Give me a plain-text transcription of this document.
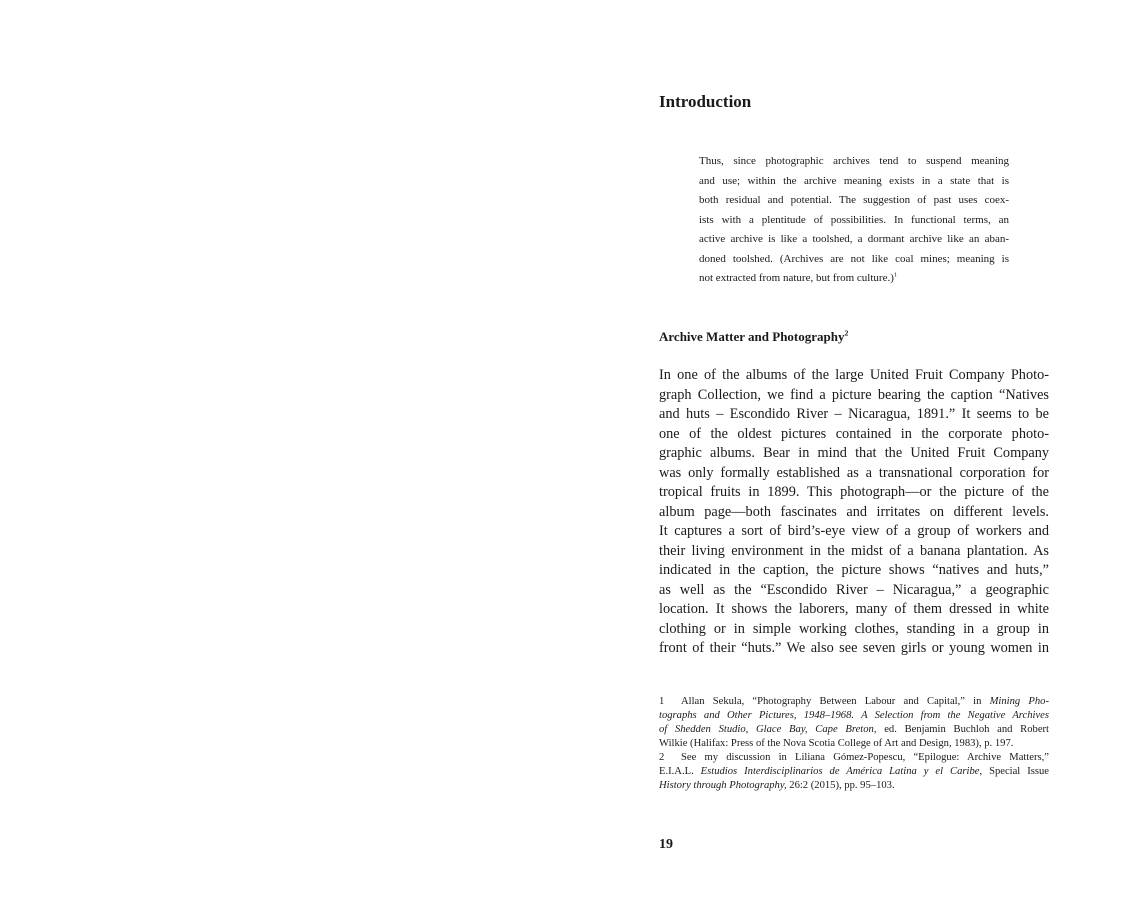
Introduction
Thus, since photographic archives tend to suspend meaning
and use; within the archive meaning exists in a state that is
both residual and potential. The suggestion of past uses coex-
ists with a plentitude of possibilities. In functional terms, an
active archive is like a toolshed, a dormant archive like an aban-
doned toolshed. (Archives are not like coal mines; meaning is
not extracted from nature, but from culture.)$^1$
Archive Matter and Photography$^2$
In one of the albums of the large United Fruit Company Photo-
graph Collection, we find a picture bearing the caption “Natives
and huts – Escondido River – Nicaragua, 1891.” It seems to be
one of the oldest pictures contained in the corporate photo-
graphic albums. Bear in mind that the United Fruit Company
was only formally established as a transnational corporation for
tropical fruits in 1899. This photograph—or the picture of the
album page—both fascinates and irritates on different levels.
It captures a sort of bird’s-eye view of a group of workers and
their living environment in the midst of a banana plantation. As
indicated in the caption, the picture shows “natives and huts,”
as well as the “Escondido River – Nicaragua,” a geographic
location. It shows the laborers, many of them dressed in white
clothing or in simple working clothes, standing in a group in
front of their “huts.” We also see seven girls or young women in
1 Allan Sekula, “Photography Between Labour and Capital,” in Mining Pho-
tographs and Other Pictures, 1948–1968. A Selection from the Negative Archives
of Shedden Studio, Glace Bay, Cape Breton, ed. Benjamin Buchloh and Robert
Wilkie (Halifax: Press of the Nova Scotia College of Art and Design, 1983), p. 197.
2 See my discussion in Liliana Gómez-Popescu, “Epilogue: Archive Matters,”
E.I.A.L. Estudios Interdisciplinarios de América Latina y el Caribe, Special Issue
History through Photography, 26:2 (2015), pp. 95–103.
19
